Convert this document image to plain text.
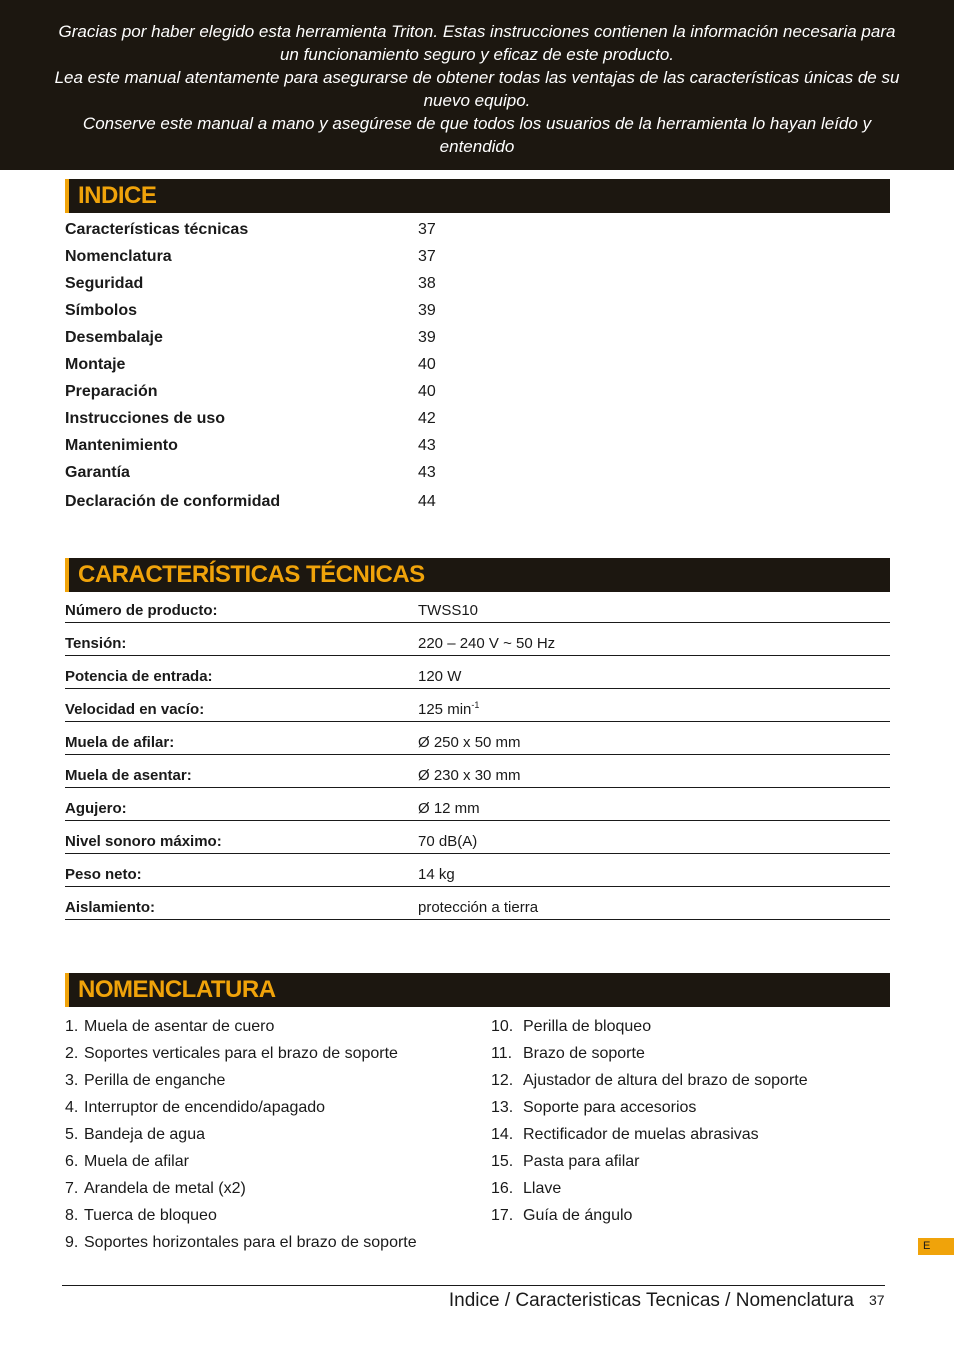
Gracias por haber elegido esta herramienta Triton. Estas instrucciones contienen la información necesaria para un funcionamiento seguro y eficaz de este producto.

Lea este manual atentamente para asegurarse de obtener todas las ventajas de las características únicas de su nuevo equipo.

Conserve este manual a mano y asegúrese de que todos los usuarios de la herramienta lo hayan leído y entendido

INDICE
Características técnicas	37
Nomenclatura	37
Seguridad	38
Símbolos	39
Desembalaje	39
Montaje	40
Preparación	40
Instrucciones de uso	42
Mantenimiento	43
Garantía	43
Declaración de conformidad	44
CARACTERÍSTICAS TÉCNICAS
Número de producto:	TWSS10
Tensión:	220 – 240 V ~ 50 Hz
Potencia de entrada:	120 W
Velocidad en vacío:	125 $\min^{-1}$
Muela de afilar:	Ø 250 x 50 mm
Muela de asentar:	Ø 230 x 30 mm
Agujero:	Ø 12 mm
Nivel sonoro máximo:	70 dB(A)
Peso neto:	14 kg
Aislamiento:	protección a tierra
NOMENCLATURA
1. Muela de asentar de cuero
2. Soportes verticales para el brazo de soporte
3. Perilla de enganche
4. Interruptor de encendido/apagado
5. Bandeja de agua
6. Muela de afilar
7. Arandela de metal (x2)
8. Tuerca de bloqueo
9. Soportes horizontales para el brazo de soporte
10. Perilla de bloqueo
11. Brazo de soporte
12. Ajustador de altura del brazo de soporte
13. Soporte para accesorios
14. Rectificador de muelas abrasivas
15. Pasta para afilar
16. Llave
17. Guía de ángulo
E
Indice / Caracteristicas Tecnicas / Nomenclatura 37
